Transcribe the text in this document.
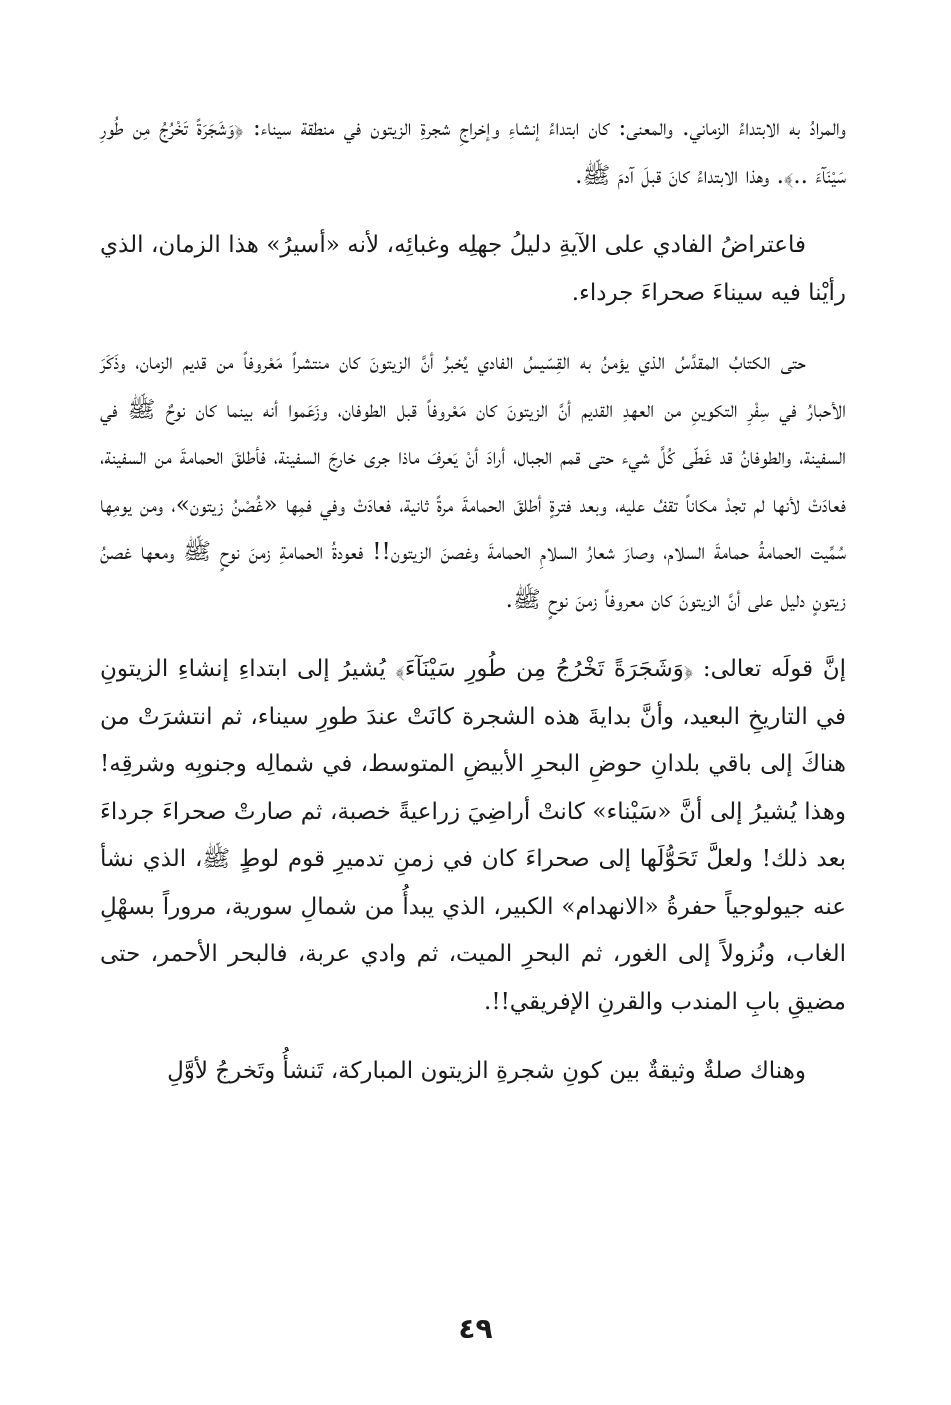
والمرادُ به الابتداءُ الزماني. والمعنى: كان ابتداءُ إنشاءِ وإخراجِ شجرةِ الزيتون في منطقة سيناء: ﴿وَشَجَرَةً تَخْرُجُ مِن طُورِ سَيْنَآءَ ..﴾. وهذا الابتداءُ كانَ قبلَ آدمَ ﷺ.

فاعتراضُ الفادي على الآيةِ دليلُ جهلِه وغبائِه، لأنه «أسيرُ» هذا الزمان، الذي رأيْنا فيه سيناءَ صحراءَ جرداء.

حتى الكتابُ المقدَّسُ الذي يؤمنُ به القِسّيسُ الفادي يُخبرُ أنَّ الزيتونَ كان منتشراً مَعْروفاً من قديم الزمان، وذَكَرَ الأحبارُ في سِفْرِ التكوينِ من العهدِ القديم أنَّ الزيتونَ كان مَعْروفاً قبل الطوفان، وزَعَموا أنه بينما كان نوحٌ ﷺ في السفينة، والطوفانُ قد غَطّى كُلَّ شيء حتى قمم الجبال، أرادَ أنْ يَعرفَ ماذا جرى خارجَ السفينة، فأطلقَ الحمامةَ من السفينة، فعادَتْ لأنها لم تجدْ مكاناً تقفُ عليه، وبعد فترةٍ أطلقَ الحمامةَ مرةً ثانية، فعادَتْ وفي فمِها «غُصْنُ زيتون»، ومن يومِها سُمِّيت الحمامةُ حمامةَ السلام، وصارَ شعارُ السلامِ الحمامةَ وغصنَ الزيتون!! فعودةُ الحمامةِ زمنَ نوحٍ ﷺ ومعها غصنُ زيتونٍ دليل على أنَّ الزيتونَ كان معروفاً زمنَ نوحٍ ﷺ.

إنَّ قولَه تعالى: ﴿وَشَجَرَةً تَخْرُجُ مِن طُورِ سَيْنَآءَ﴾ يُشيرُ إلى ابتداءِ إنشاءِ الزيتونِ في التاريخِ البعيد، وأنَّ بدايةَ هذه الشجرة كانَتْ عندَ طورِ سيناء، ثم انتشرَتْ من هناكَ إلى باقي بلدانِ حوضِ البحرِ الأبيضِ المتوسط، في شمالِه وجنوبِه وشرقِه! وهذا يُشيرُ إلى أنَّ «سَيْناء» كانتْ أراضِيَ زراعيةً خصبة، ثم صارتْ صحراءَ جرداءَ بعد ذلك! ولعلَّ تَحَوُّلَها إلى صحراءَ كان في زمنِ تدميرِ قوم لوطٍ ﷺ، الذي نشأ عنه جيولوجياً حفرةُ «الانهدام» الكبير، الذي يبدأُ من شمالِ سورية، مروراً بسهْلِ الغاب، ونُزولاً إلى الغور، ثم البحرِ الميت، ثم وادي عربة، فالبحر الأحمر، حتى مضيقِ بابِ المندب والقرنِ الإفريقي!!.

وهناك صلةٌ وثيقةٌ بين كونِ شجرةِ الزيتون المباركة، تَنشأُ وتَخرجُ لأوَّلِ

٤٩
